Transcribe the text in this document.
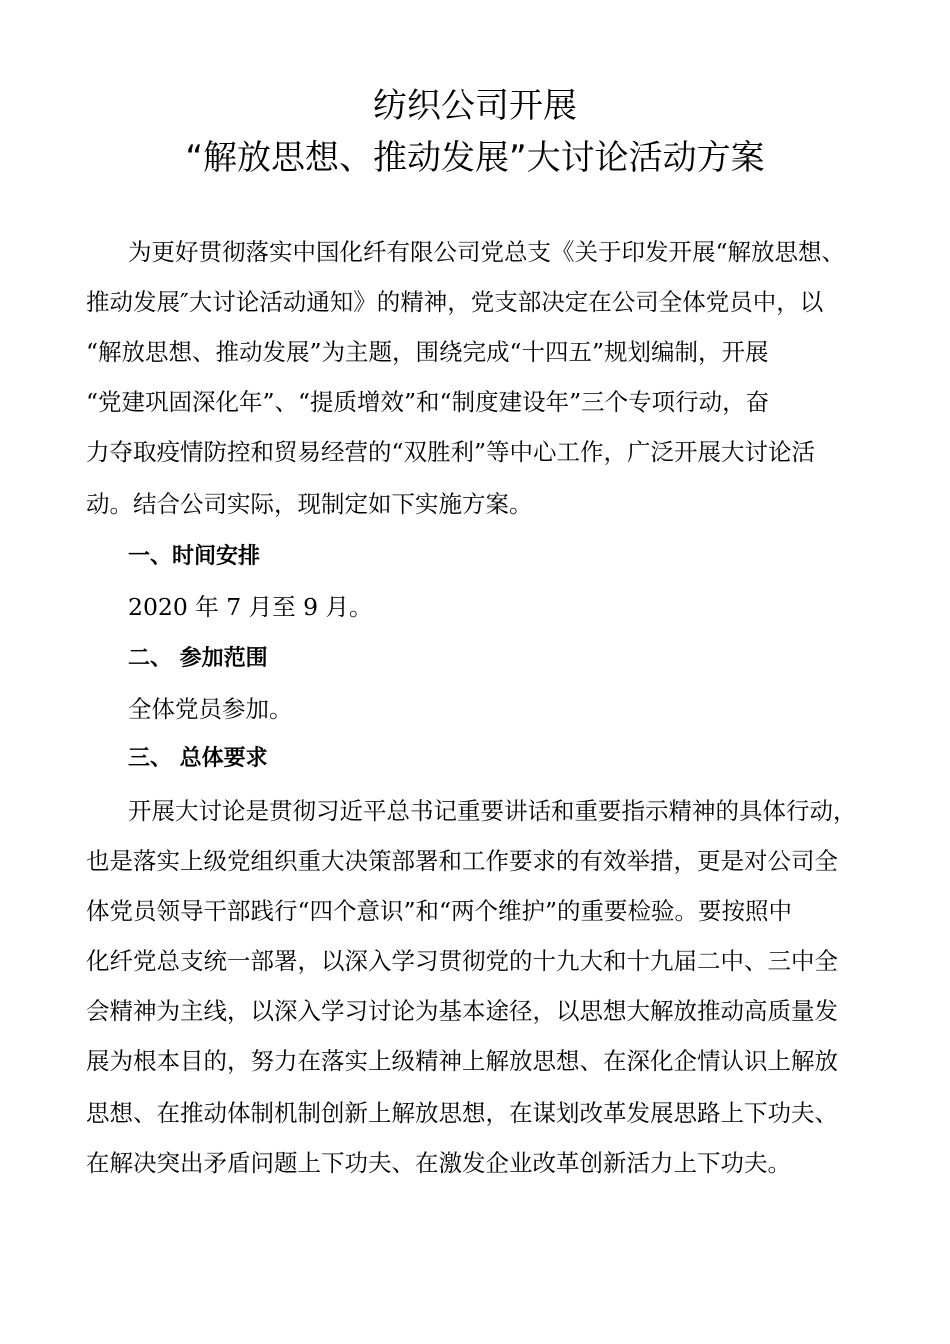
纺织公司开展
“解放思想、推动发展”大讨论活动方案
为更好贯彻落实中国化纤有限公司党总支《关于印发开展“解放思想、
推动发展″大讨论活动通知》的精神，党支部决定在公司全体党员中，以
“解放思想、推动发展”为主题，围绕完成“十四五”规划编制，开展
“党建巩固深化年”、“提质增效”和“制度建设年”三个专项行动，奋
力夺取疫情防控和贸易经营的“双胜利”等中心工作，广泛开展大讨论活
动。结合公司实际，现制定如下实施方案。
一、时间安排
2020 年 7 月至 9 月。
二、 参加范围
全体党员参加。
三、 总体要求
开展大讨论是贯彻习近平总书记重要讲话和重要指示精神的具体行动，
也是落实上级党组织重大决策部署和工作要求的有效举措，更是对公司全
体党员领导干部践行“四个意识”和“两个维护”的重要检验。要按照中
化纤党总支统一部署，以深入学习贯彻党的十九大和十九届二中、三中全
会精神为主线，以深入学习讨论为基本途径，以思想大解放推动高质量发
展为根本目的，努力在落实上级精神上解放思想、在深化企情认识上解放
思想、在推动体制机制创新上解放思想，在谋划改革发展思路上下功夫、
在解决突出矛盾问题上下功夫、在激发企业改革创新活力上下功夫。
